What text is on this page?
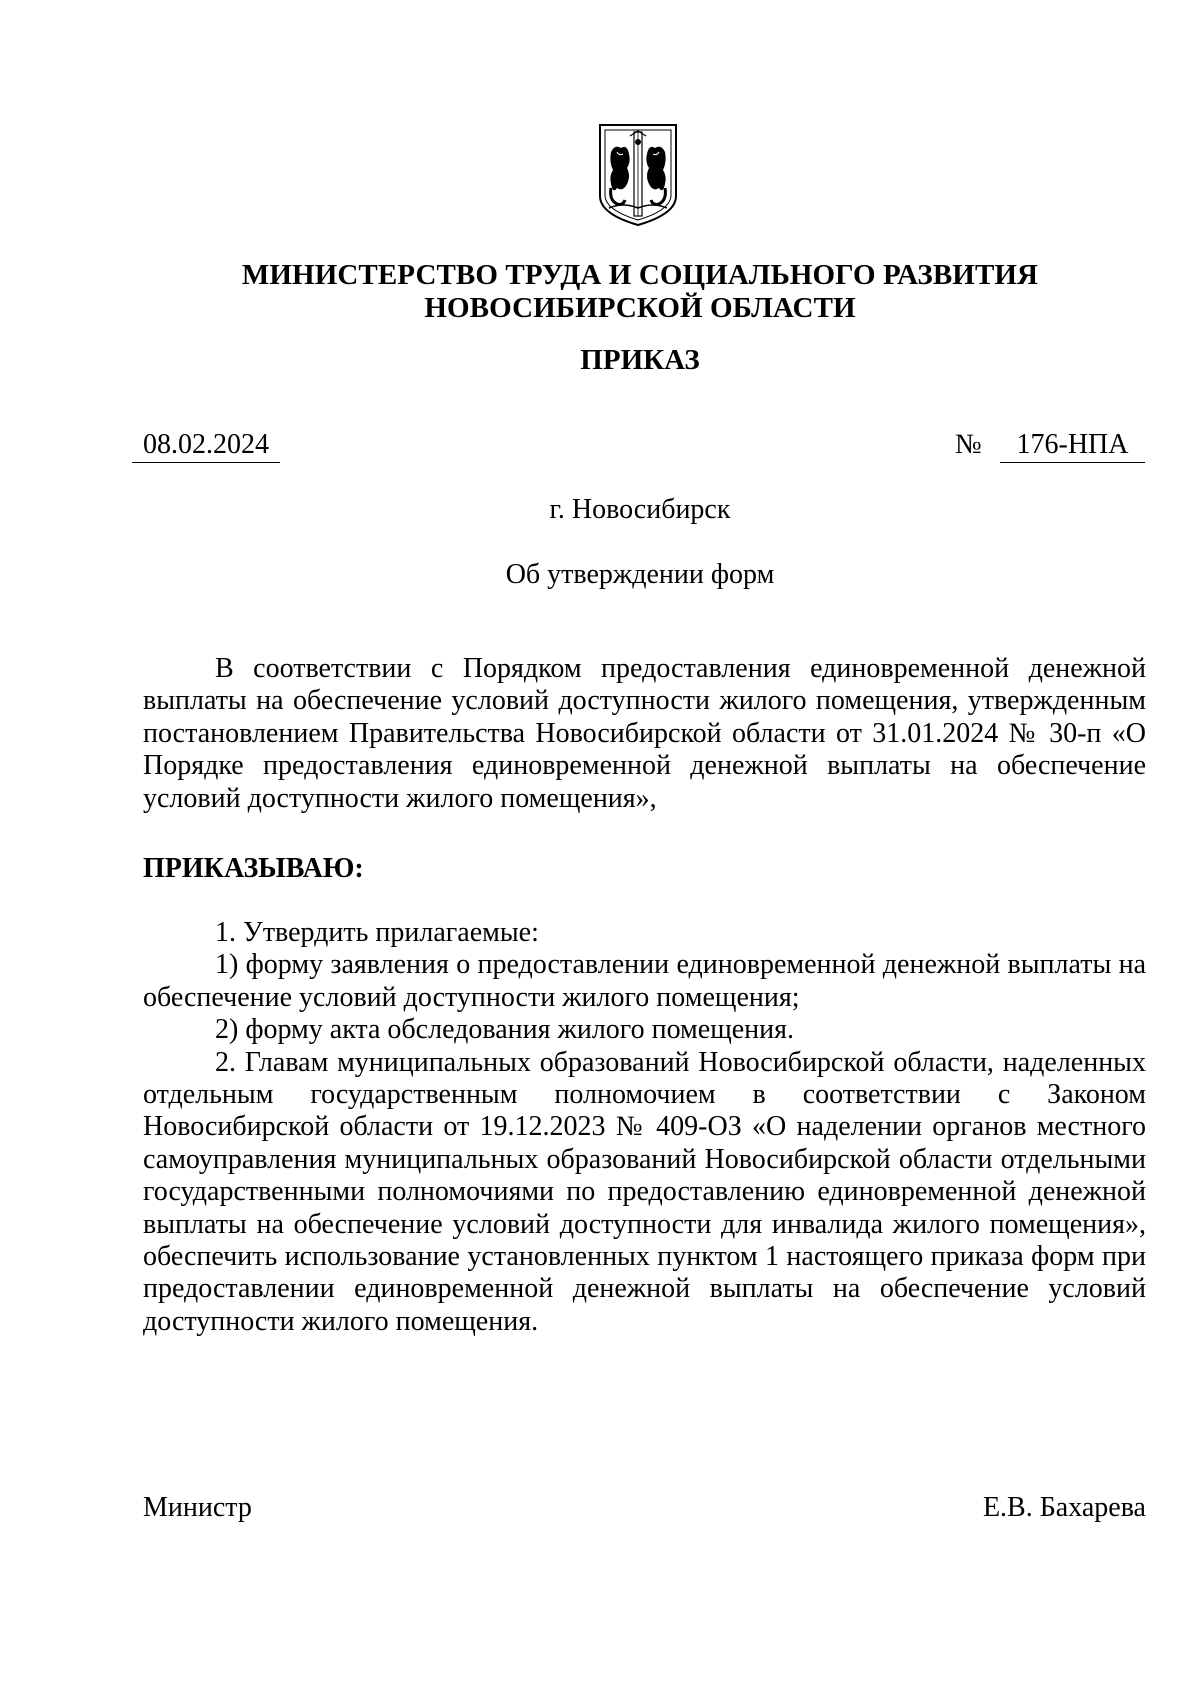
МИНИСТЕРСТВО ТРУДА И СОЦИАЛЬНОГО РАЗВИТИЯ
НОВОСИБИРСКОЙ ОБЛАСТИ
ПРИКАЗ
08.02.2024	№	176-НПА
г. Новосибирск
Об утверждении форм

В соответствии с Порядком предоставления единовременной денежной выплаты на обеспечение условий доступности жилого помещения, утвержденным постановлением Правительства Новосибирской области от 31.01.2024 № 30-п «О Порядке предоставления единовременной денежной выплаты на обеспечение условий доступности жилого помещения»,

ПРИКАЗЫВАЮ:

1. Утвердить прилагаемые:

1) форму заявления о предоставлении единовременной денежной выплаты на обеспечение условий доступности жилого помещения;

2) форму акта обследования жилого помещения.

2. Главам муниципальных образований Новосибирской области, наделенных отдельным государственным полномочием в соответствии с Законом Новосибирской области от 19.12.2023 № 409-ОЗ «О наделении органов местного самоуправления муниципальных образований Новосибирской области отдельными государственными полномочиями по предоставлению единовременной денежной выплаты на обеспечение условий доступности для инвалида жилого помещения», обеспечить использование установленных пунктом 1 настоящего приказа форм при предоставлении единовременной денежной выплаты на обеспечение условий доступности жилого помещения.

Министр	Е.В. Бахарева
